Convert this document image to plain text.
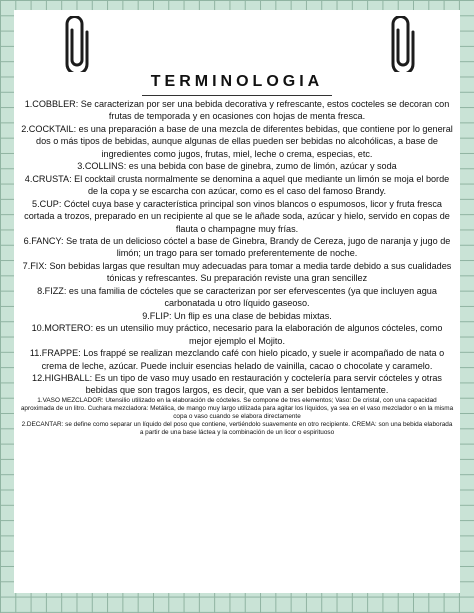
TERMINOLOGIA

1.COBBLER: Se caracterizan por ser una bebida decorativa y refrescante, estos cocteles se decoran con frutas de temporada y en ocasiones con hojas de menta fresca.

2.COCKTAIL: es una preparación a base de una mezcla de diferentes bebidas, que contiene por lo general dos o más tipos de bebidas, aunque algunas de ellas pueden ser bebidas no alcohólicas, a base de ingredientes como jugos, frutas, miel, leche o crema, especias, etc.

3.COLLINS: es una bebida con base de ginebra, zumo de limón, azúcar y soda

4.CRUSTA: El cocktail crusta normalmente se denomina a aquel que mediante un limón se moja el borde de la copa y se escarcha con azúcar, como es el caso del famoso Brandy.

5.CUP: Cóctel cuya base y característica principal son vinos blancos o espumosos, licor y fruta fresca cortada a trozos, preparado en un recipiente al que se le añade soda, azúcar y hielo, servido en copas de flauta o champagne muy frías.

6.FANCY: Se trata de un delicioso cóctel a base de Ginebra, Brandy de Cereza, jugo de naranja y jugo de limón; un trago para ser tomado preferentemente de noche.

7.FIX: Son bebidas largas que resultan muy adecuadas para tomar a media tarde debido a sus cualidades tónicas y refrescantes. Su preparación reviste una gran sencillez

8.FIZZ: es una familia de cócteles que se caracterizan por ser efervescentes (ya que incluyen agua carbonatada u otro líquido gaseoso.

9.FLIP: Un flip es una clase de bebidas mixtas.

10.MORTERO: es un utensilio muy práctico, necesario para la elaboración de algunos cócteles, como mejor ejemplo el Mojito.

11.FRAPPE: Los frappé se realizan mezclando café con hielo picado, y suele ir acompañado de nata o crema de leche, azúcar. Puede incluir esencias helado de vainilla, cacao o chocolate y caramelo.

12.HIGHBALL: Es un tipo de vaso muy usado en restauración y coctelería para servir cócteles y otras bebidas que son tragos largos, es decir, que van a ser bebidos lentamente.

1.VASO MEZCLADOR: Utensilio utilizado en la elaboración de cócteles. Se compone de tres elementos; Vaso: De cristal, con una capacidad aproximada de un litro. Cuchara mezcladora: Metálica, de mango muy largo utilizada para agitar los líquidos, ya sea en el vaso mezclador o en la misma copa o vaso cuando se elabora directamente

2.DECANTAR: se define como separar un líquido del poso que contiene, vertiéndolo suavemente en otro recipiente. CREMA: son una bebida elaborada a partir de una base láctea y la combinación de un licor o espirituoso
